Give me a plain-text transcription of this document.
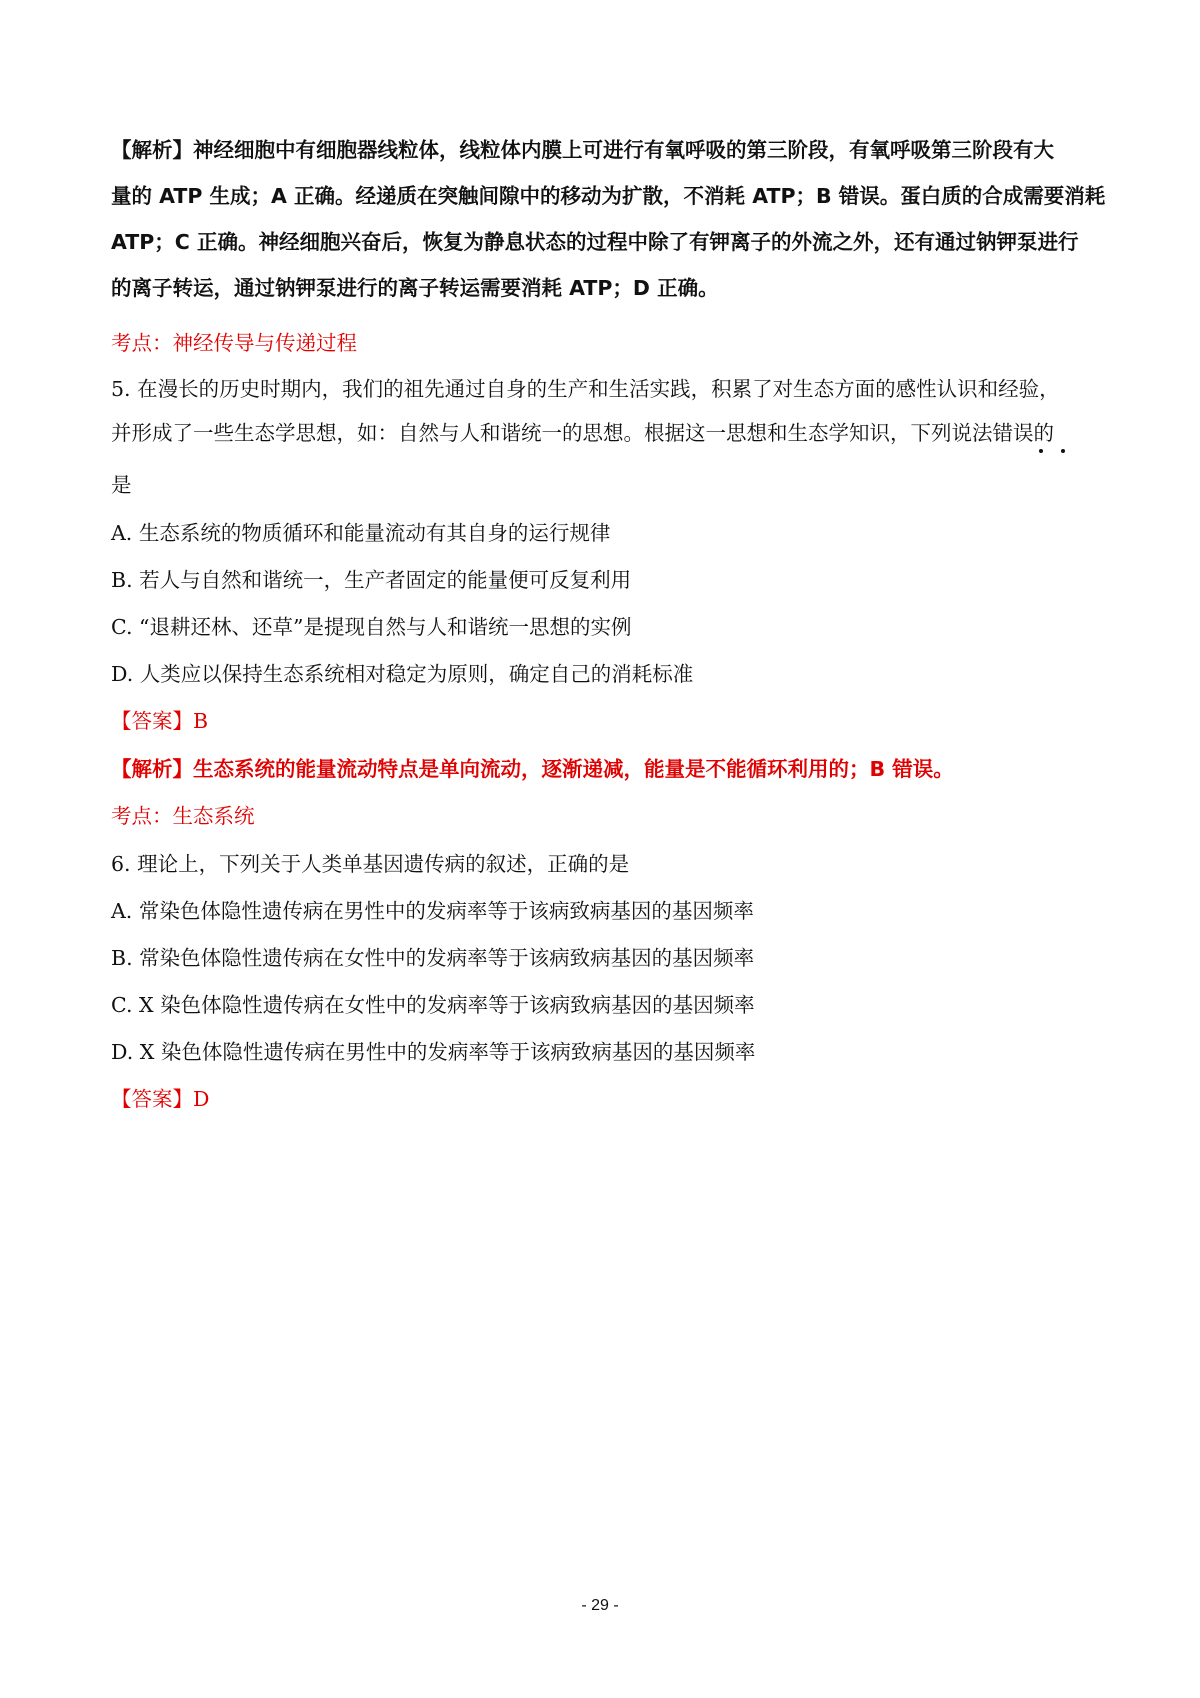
【解析】神经细胞中有细胞器线粒体，线粒体内膜上可进行有氧呼吸的第三阶段，有氧呼吸第三阶段有大
量的 ATP 生成；A 正确。经递质在突触间隙中的移动为扩散，不消耗 ATP；B 错误。蛋白质的合成需要消耗
ATP；C 正确。神经细胞兴奋后，恢复为静息状态的过程中除了有钾离子的外流之外，还有通过钠钾泵进行
的离子转运，通过钠钾泵进行的离子转运需要消耗 ATP；D 正确。
考点：神经传导与传递过程
5. 在漫长的历史时期内，我们的祖先通过自身的生产和生活实践，积累了对生态方面的感性认识和经验，
并形成了一些生态学思想，如：自然与人和谐统一的思想。根据这一思想和生态学知识，下列说法错误的
是
A. 生态系统的物质循环和能量流动有其自身的运行规律
B. 若人与自然和谐统一，生产者固定的能量便可反复利用
C. “退耕还林、还草”是提现自然与人和谐统一思想的实例
D. 人类应以保持生态系统相对稳定为原则，确定自己的消耗标准
【答案】B
【解析】生态系统的能量流动特点是单向流动，逐渐递减，能量是不能循环利用的；B 错误。
考点：生态系统
6. 理论上，下列关于人类单基因遗传病的叙述，正确的是
A. 常染色体隐性遗传病在男性中的发病率等于该病致病基因的基因频率
B. 常染色体隐性遗传病在女性中的发病率等于该病致病基因的基因频率
C. X 染色体隐性遗传病在女性中的发病率等于该病致病基因的基因频率
D. X 染色体隐性遗传病在男性中的发病率等于该病致病基因的基因频率
【答案】D
- 29 -
